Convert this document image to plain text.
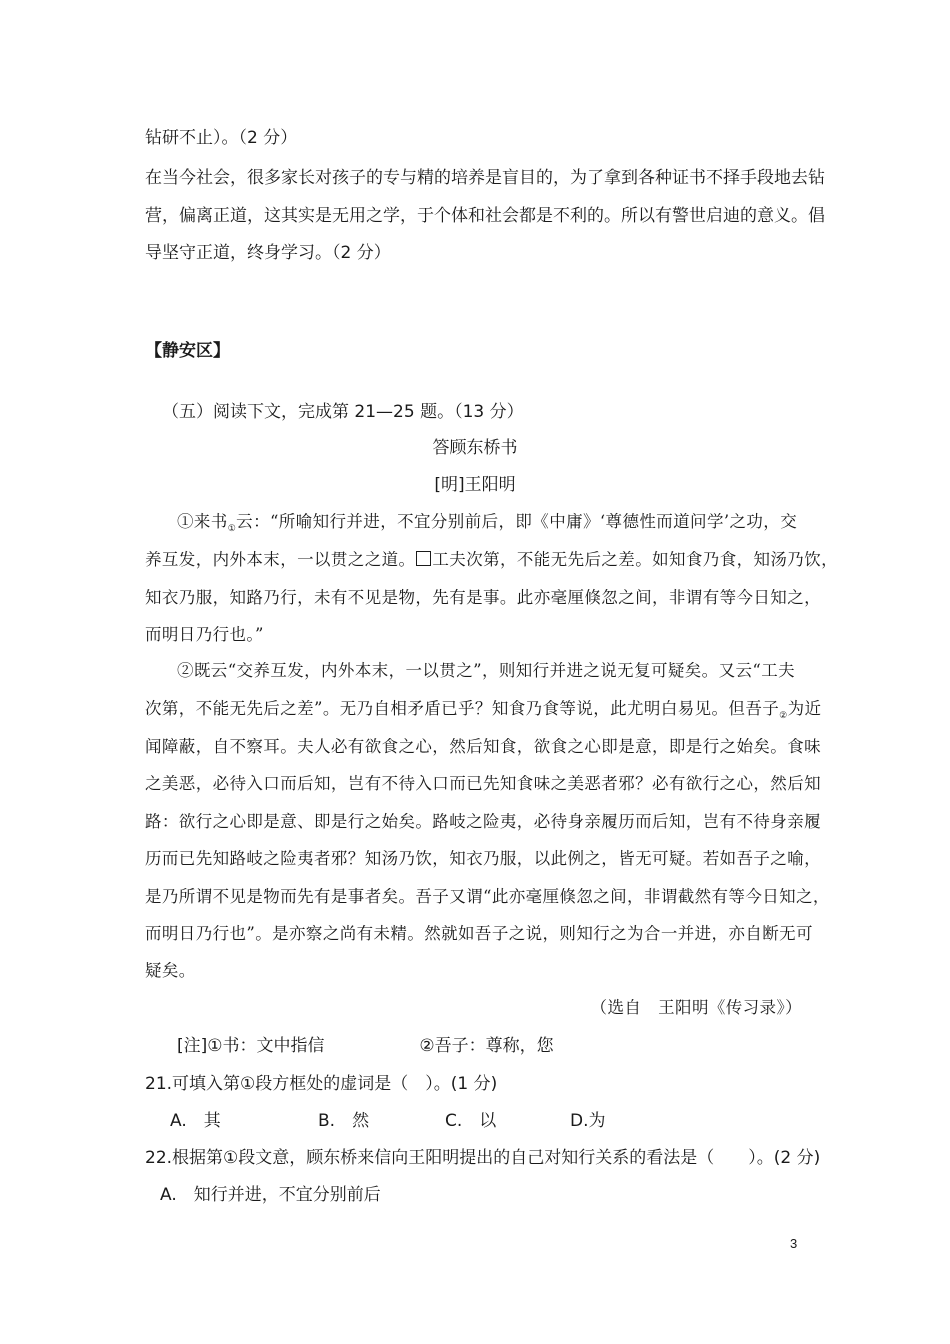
钻研不止）。（2 分）
在当今社会，很多家长对孩子的专与精的培养是盲目的，为了拿到各种证书不择手段地去钻
营，偏离正道，这其实是无用之学，于个体和社会都是不利的。所以有警世启迪的意义。倡
导坚守正道，终身学习。（2 分）
【静安区】
（五）阅读下文，完成第 21—25 题。（13 分）
答顾东桥书
[明]王阳明
①来书$_①$云：“所喻知行并进，不宜分别前后，即《中庸》‘尊德性而道问学’之功，交
养互发，内外本末，一以贯之之道。 工夫次第，不能无先后之差。如知食乃食，知汤乃饮，
知衣乃服，知路乃行，未有不见是物，先有是事。此亦毫厘倏忽之间，非谓有等今日知之，
而明日乃行也。”
②既云“交养互发，内外本末，一以贯之”，则知行并进之说无复可疑矣。又云“工夫
次第，不能无先后之差”。无乃自相矛盾已乎？知食乃食等说，此尤明白易见。但吾子$_②$为近
闻障蔽，自不察耳。夫人必有欲食之心，然后知食，欲食之心即是意，即是行之始矣。食味
之美恶，必待入口而后知，岂有不待入口而已先知食味之美恶者邪？必有欲行之心，然后知
路：欲行之心即是意、即是行之始矣。路岐之险夷，必待身亲履历而后知，岂有不待身亲履
历而已先知路岐之险夷者邪？知汤乃饮，知衣乃服，以此例之，皆无可疑。若如吾子之喻，
是乃所谓不见是物而先有是事者矣。吾子又谓“此亦毫厘倏忽之间，非谓截然有等今日知之，
而明日乃行也”。是亦察之尚有未精。然就如吾子之说，则知行之为合一并进，亦自断无可
疑矣。
（选自　王阳明《传习录》）
[注]①书：文中指信	②吾子：尊称，您
21.可填入第①段方框处的虚词是（　）。(1 分)
A.　其	B.　然	C.　以	D.为
22.根据第①段文意，顾东桥来信向王阳明提出的自己对知行关系的看法是（　　）。(2 分)
A.　知行并进，不宜分别前后
3
